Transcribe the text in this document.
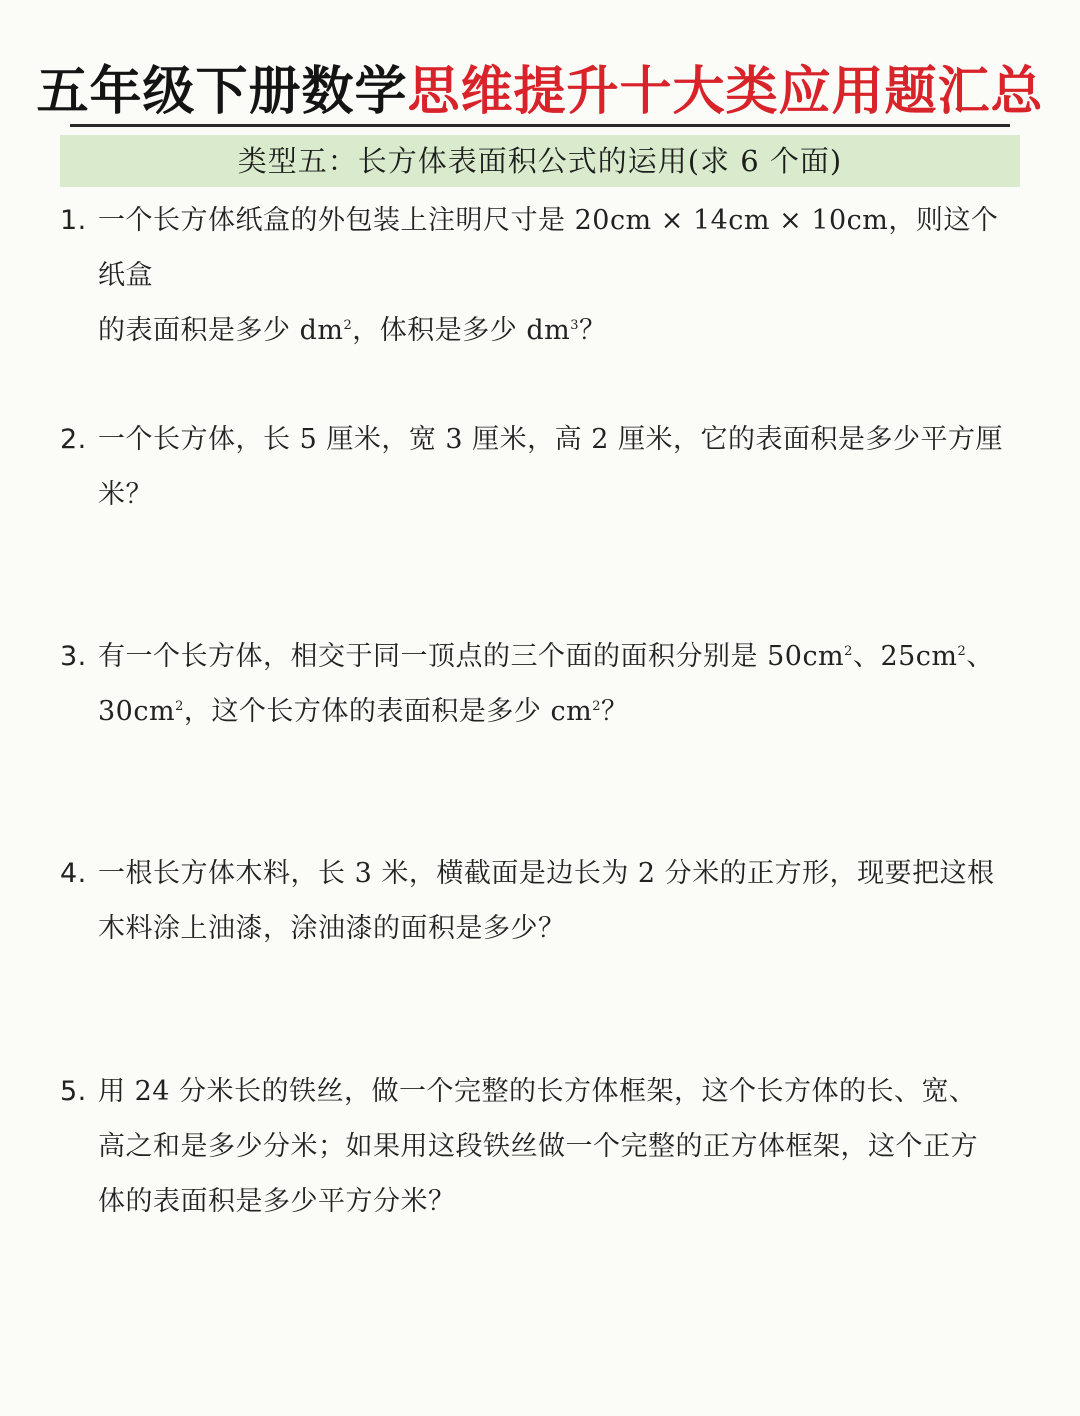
五年级下册数学思维提升十大类应用题汇总
类型五：长方体表面积公式的运用(求 6 个面)
1. 一个长方体纸盒的外包装上注明尺寸是 20cm × 14cm × 10cm，则这个纸盒
的表面积是多少 $dm^2$，体积是多少 $dm^3$？
2. 一个长方体，长 5 厘米，宽 3 厘米，高 2 厘米，它的表面积是多少平方厘
米？
3. 有一个长方体，相交于同一顶点的三个面的面积分别是 $50cm^2$、$25cm^2$、
$30cm^2$，这个长方体的表面积是多少 $cm^2$？
4. 一根长方体木料，长 3 米，横截面是边长为 2 分米的正方形，现要把这根
木料涂上油漆，涂油漆的面积是多少？
5. 用 24 分米长的铁丝，做一个完整的长方体框架，这个长方体的长、宽、
高之和是多少分米；如果用这段铁丝做一个完整的正方体框架，这个正方
体的表面积是多少平方分米？
